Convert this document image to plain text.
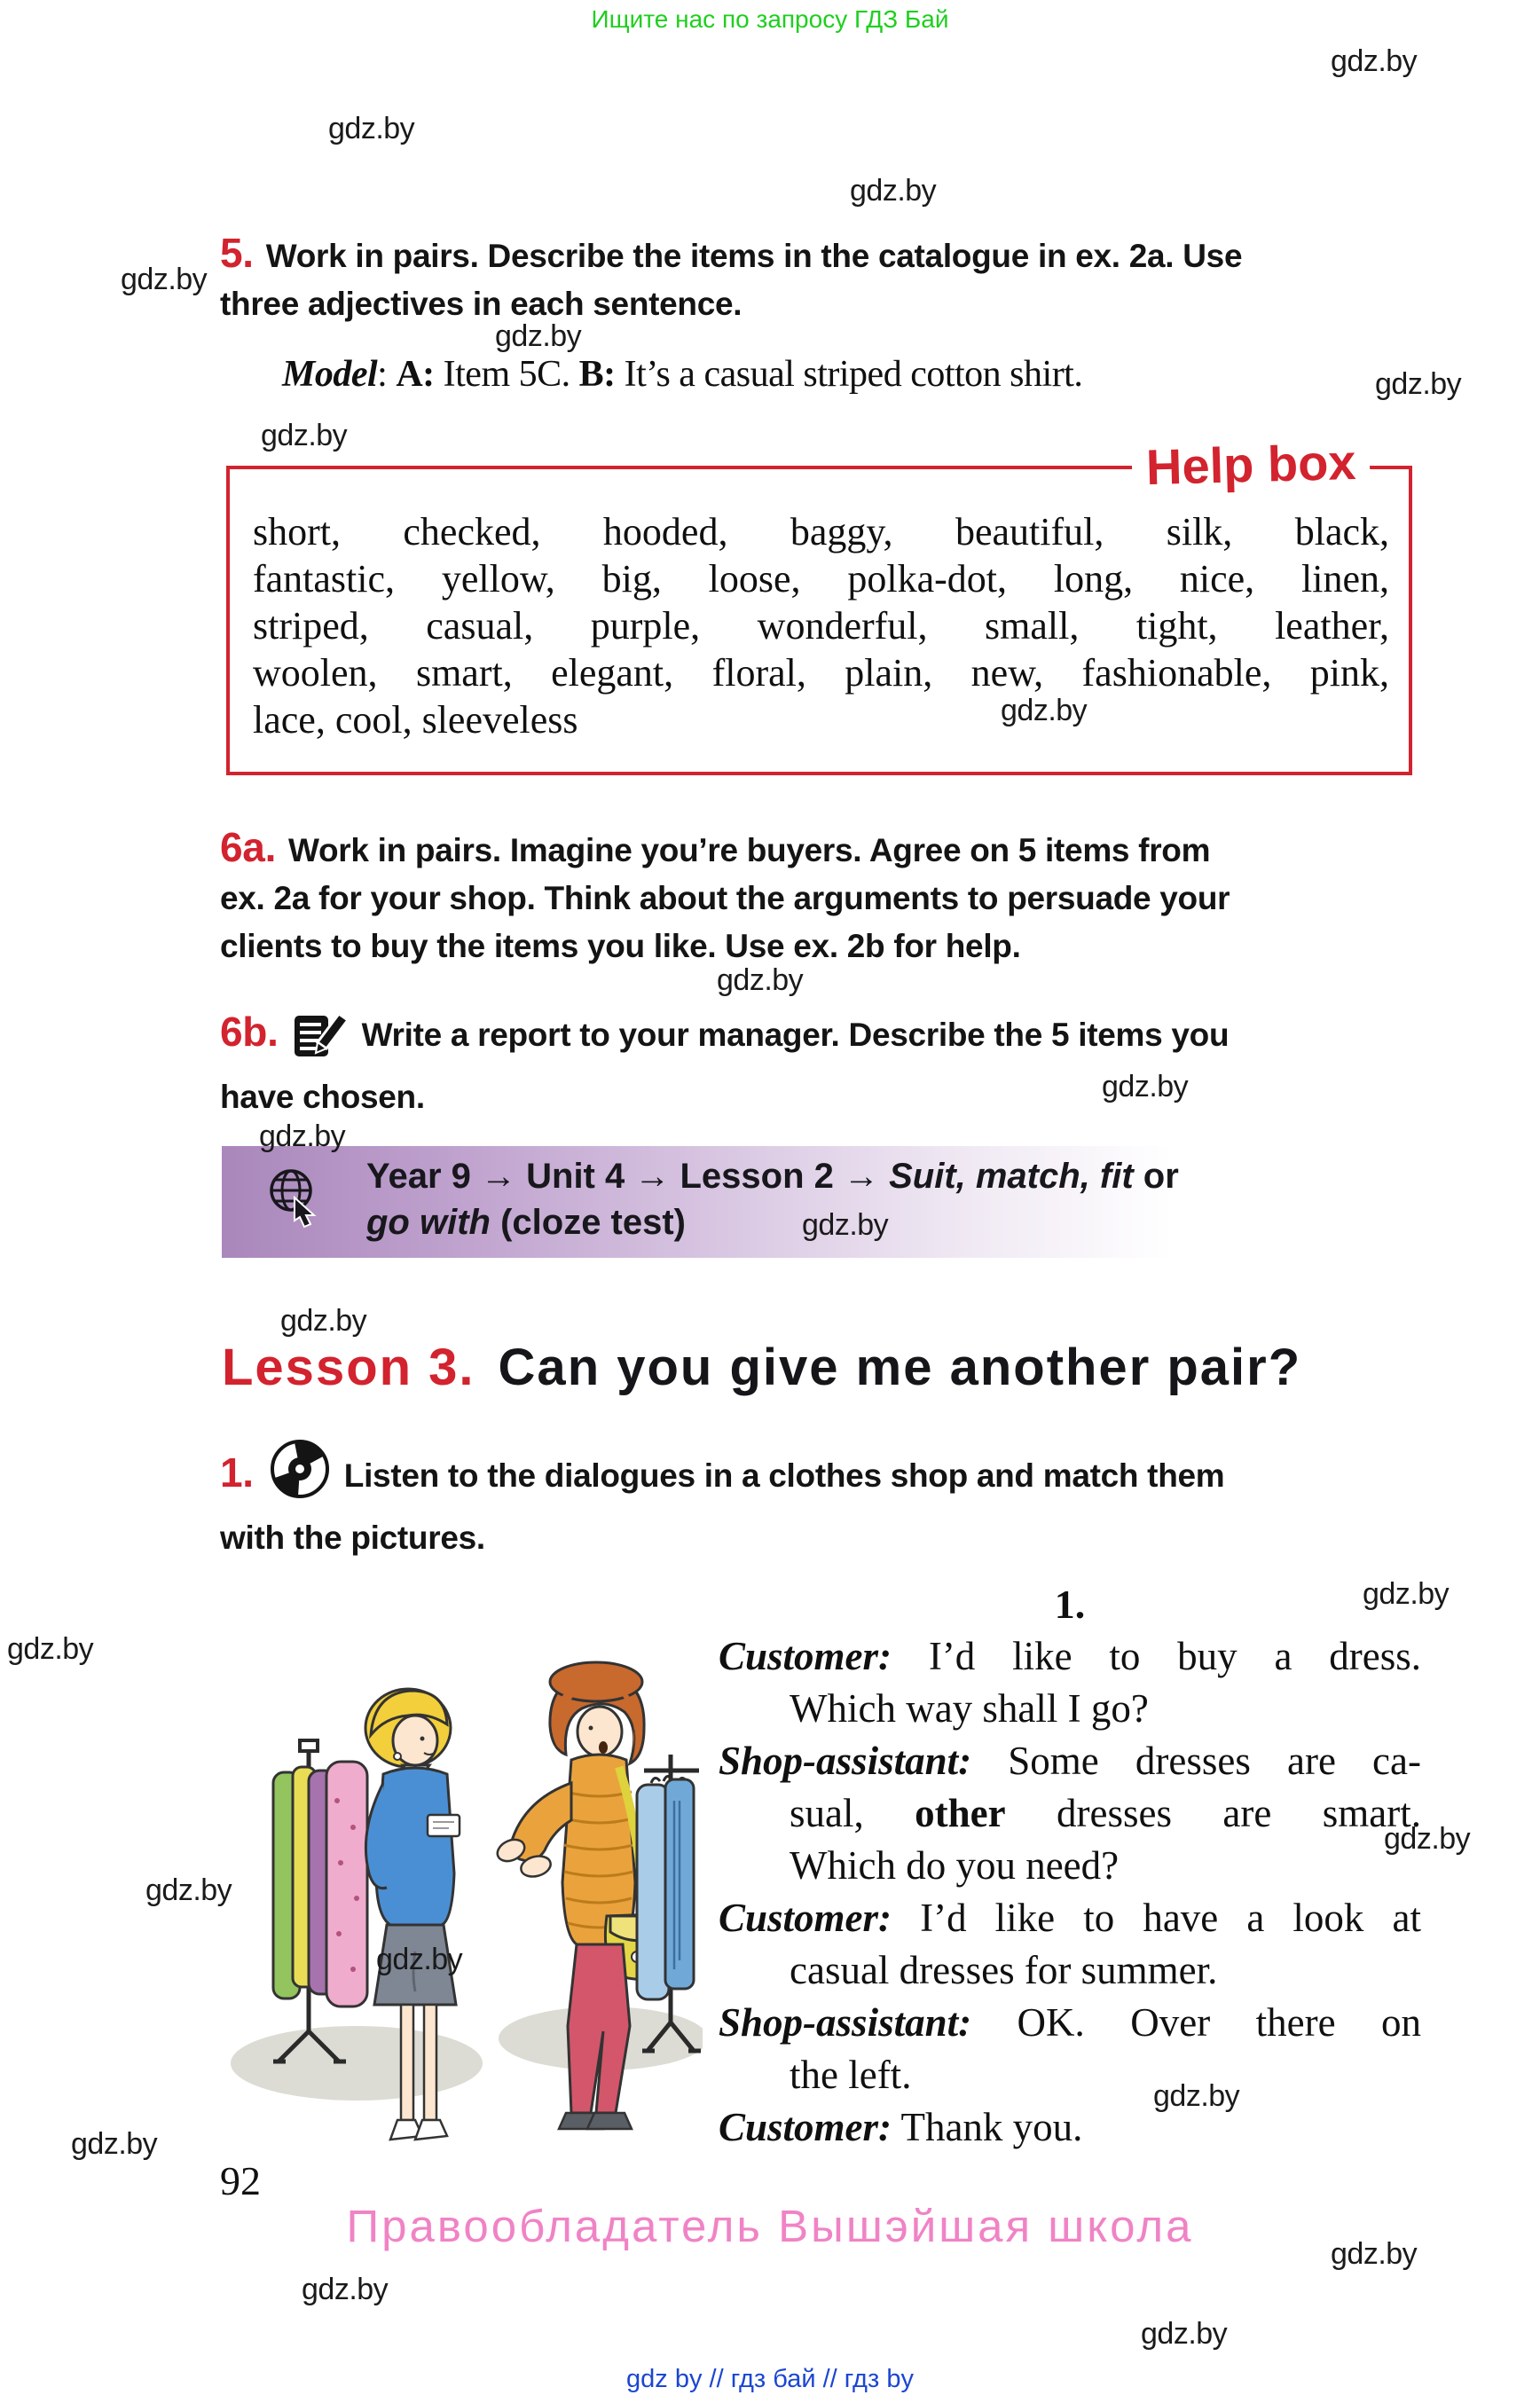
Ищите нас по запросу ГДЗ Бай
gdz.by
gdz.by
gdz.by
gdz.by
gdz.by
gdz.by
gdz.by
gdz.by
gdz.by
gdz.by
gdz.by
gdz.by
gdz.by
gdz.by
gdz.by
gdz.by
gdz.by
gdz.by
gdz.by
gdz.by
gdz.by
gdz.by
gdz.by
5. Work in pairs. Describe the items in the catalogue in ex. 2a. Use
three adjectives in each sentence.
Model: A: Item 5C. B: It’s a casual striped cotton shirt.
Help box
short, checked, hooded, baggy, beautiful, silk, black,
fantastic, yellow, big, loose, polka-dot, long, nice, linen,
striped, casual, purple, wonderful, small, tight, leather,
woolen, smart, elegant, floral, plain, new, fashionable, pink,
lace, cool, sleeveless
6a. Work in pairs. Imagine you’re buyers. Agree on 5 items from
ex. 2a for your shop. Think about the arguments to persuade your
clients to buy the items you like. Use ex. 2b for help.
6b.	Write a report to your manager. Describe the 5 items you
have chosen.
Year 9 → Unit 4 → Lesson 2 → Suit, match, fit or
go with (cloze test)
Lesson 3. Can you give me another pair?
1.	Listen to the dialogues in a clothes shop and match them
with the pictures.
1.
Customer: I’d like to buy a dress.
Which way shall I go?
Shop-assistant: Some dresses are ca-
sual, other dresses are smart.
Which do you need?
Customer: I’d like to have a look at
casual dresses for summer.
Shop-assistant: OK. Over there on
the left.
Customer: Thank you.
92
Правообладатель Вышэйшая школа
gdz by // гдз бай // гдз by
